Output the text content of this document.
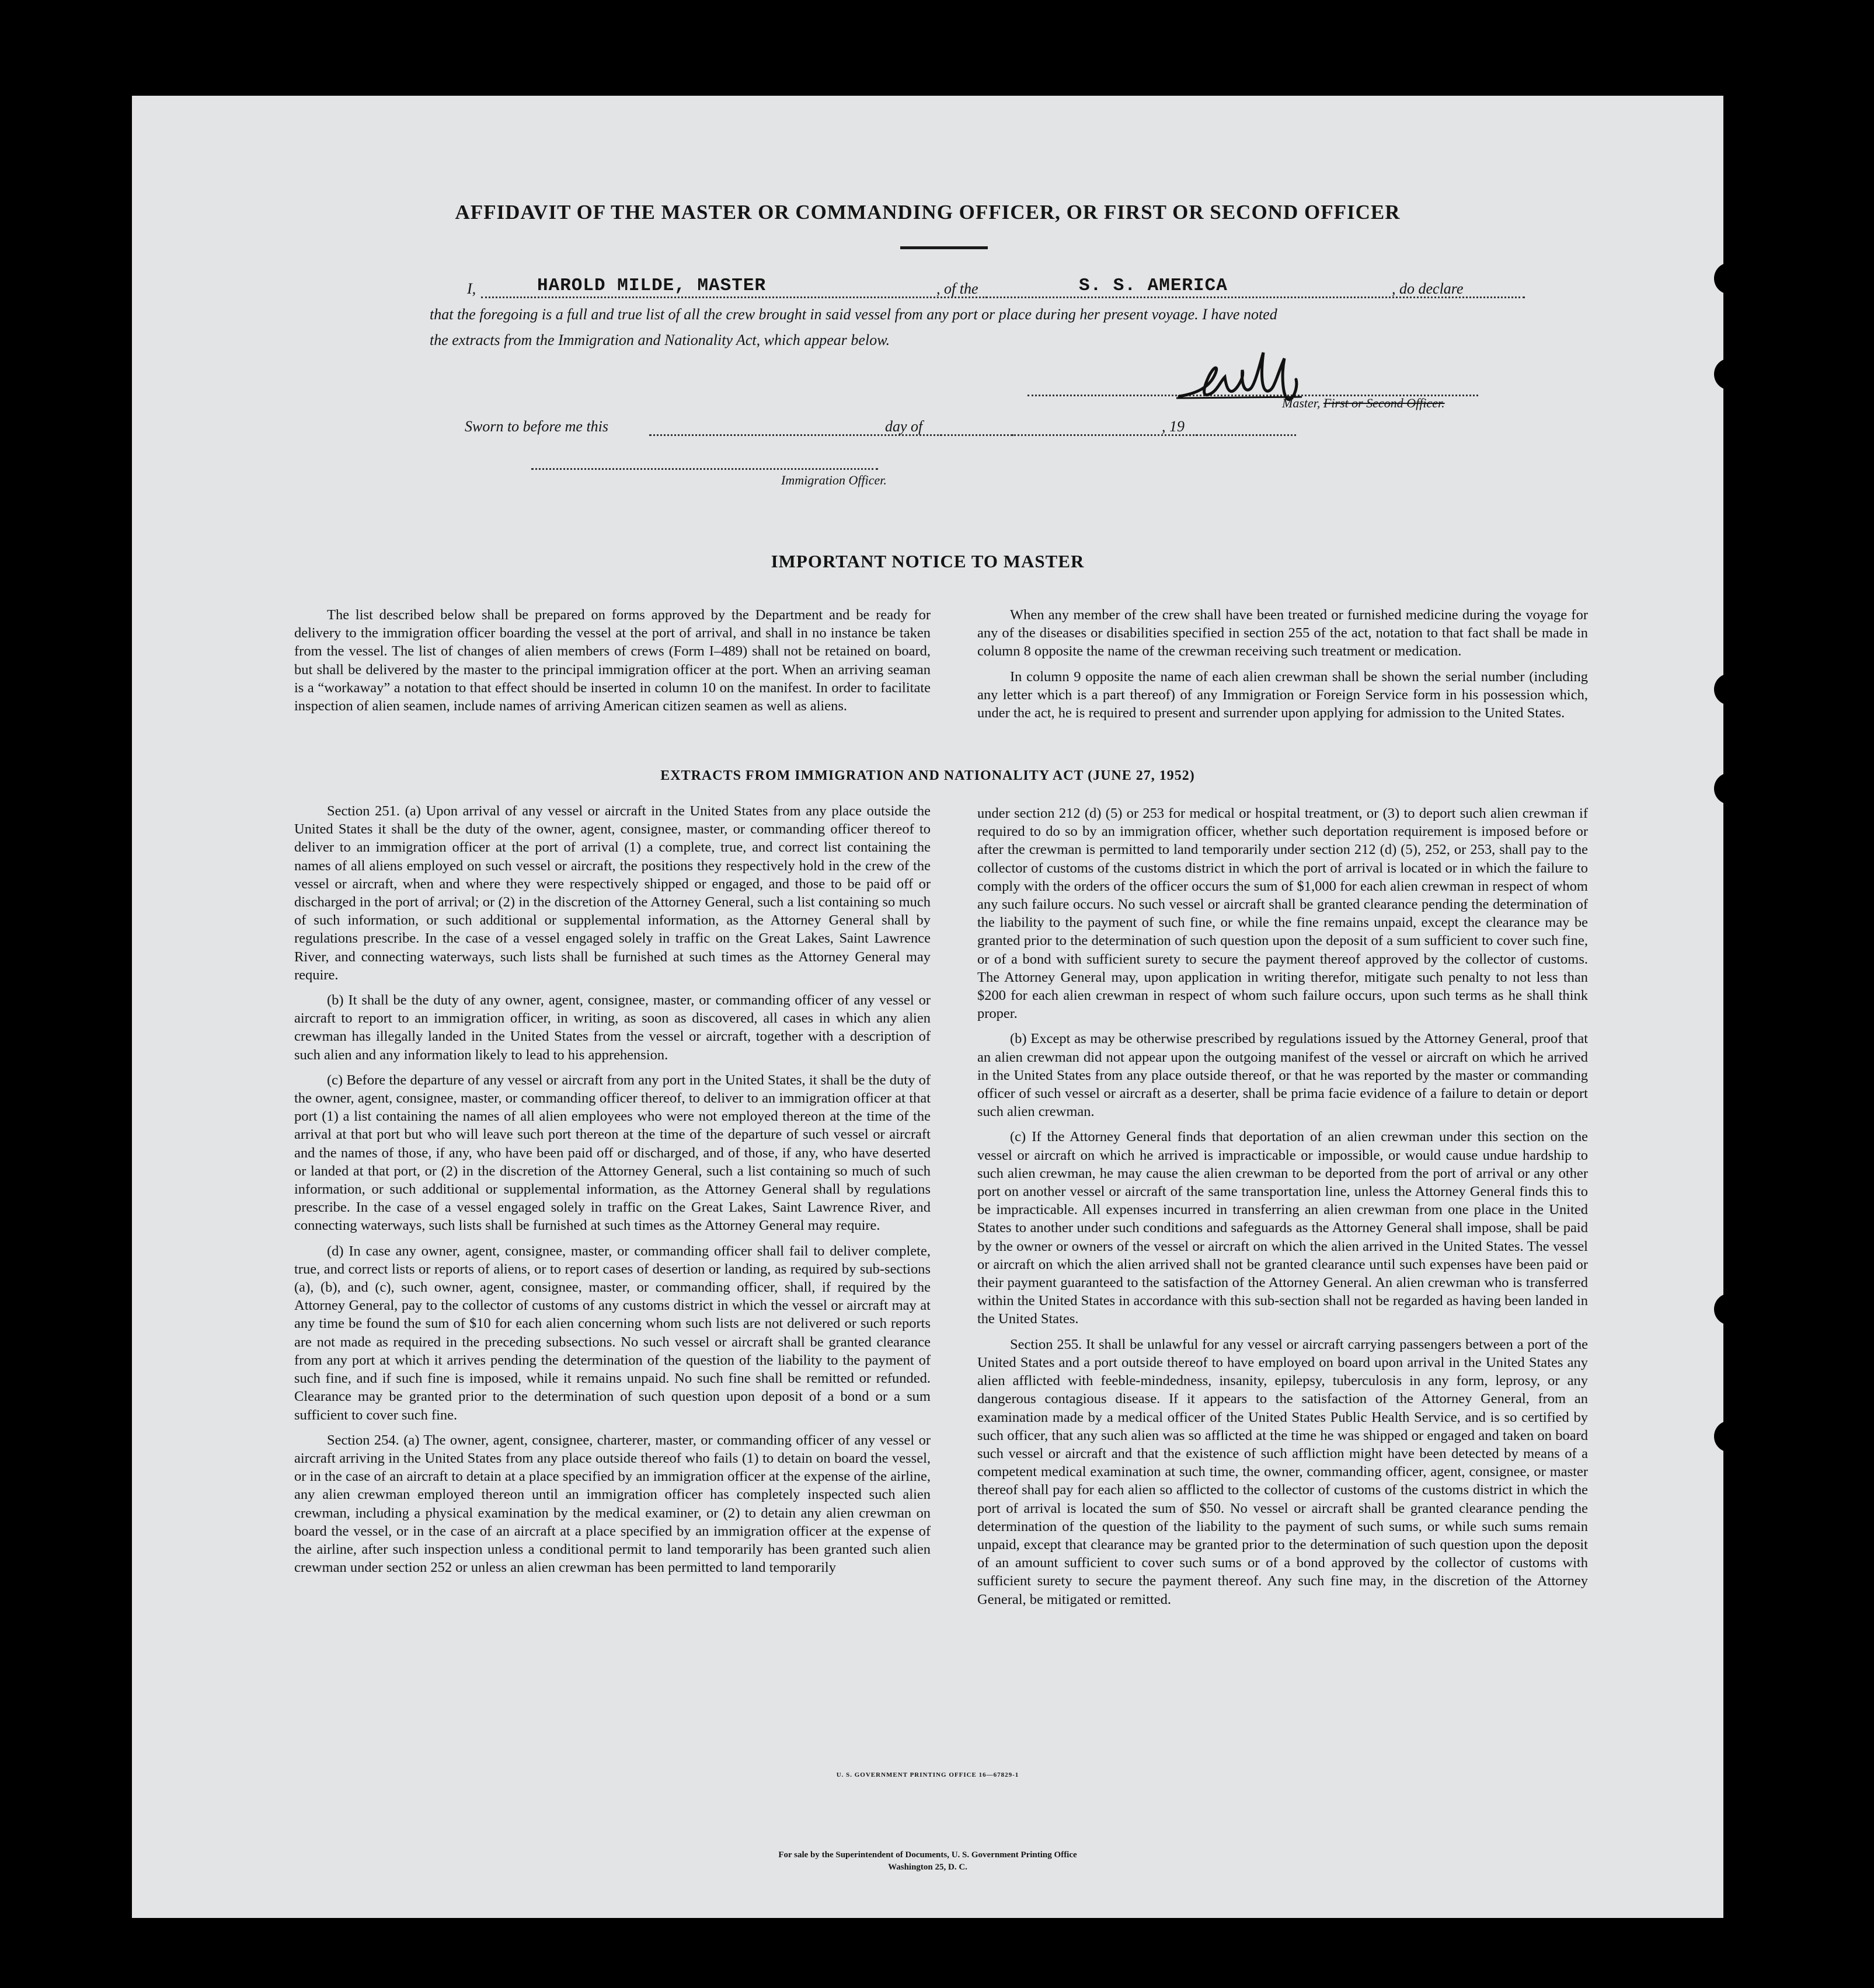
AFFIDAVIT OF THE MASTER OR COMMANDING OFFICER, OR FIRST OR SECOND OFFICER
I,	HAROLD MILDE, MASTER	, of the	S. S. AMERICA	, do declare
that the foregoing is a full and true list of all the crew brought in said vessel from any port or place during her present voyage. I have noted
the extracts from the Immigration and Nationality Act, which appear below.
Master, First or Second Officer.
Sworn to before me this	day of	, 19
Immigration Officer.
IMPORTANT NOTICE TO MASTER

The list described below shall be prepared on forms approved by the Department and be ready for delivery to the immigration officer boarding the vessel at the port of arrival, and shall in no instance be taken from the vessel. The list of changes of alien members of crews (Form I–489) shall not be retained on board, but shall be delivered by the master to the principal immigration officer at the port. When an arriving seaman is a “workaway” a notation to that effect should be inserted in column 10 on the manifest. In order to facilitate inspection of alien seamen, include names of arriving American citizen seamen as well as aliens.

When any member of the crew shall have been treated or furnished medicine during the voyage for any of the diseases or disabilities specified in section 255 of the act, notation to that fact shall be made in column 8 opposite the name of the crewman receiving such treatment or medication.

In column 9 opposite the name of each alien crewman shall be shown the serial number (including any letter which is a part thereof) of any Immigration or Foreign Service form in his possession which, under the act, he is required to present and surrender upon applying for admission to the United States.

EXTRACTS FROM IMMIGRATION AND NATIONALITY ACT (JUNE 27, 1952)

Section 251. (a) Upon arrival of any vessel or aircraft in the United States from any place outside the United States it shall be the duty of the owner, agent, consignee, master, or commanding officer thereof to deliver to an immigration officer at the port of arrival (1) a complete, true, and correct list containing the names of all aliens employed on such vessel or aircraft, the positions they respectively hold in the crew of the vessel or aircraft, when and where they were respectively shipped or engaged, and those to be paid off or discharged in the port of arrival; or (2) in the discretion of the Attorney General, such a list containing so much of such information, or such additional or supplemental information, as the Attorney General shall by regulations prescribe. In the case of a vessel engaged solely in traffic on the Great Lakes, Saint Lawrence River, and connecting waterways, such lists shall be furnished at such times as the Attorney General may require.

(b) It shall be the duty of any owner, agent, consignee, master, or commanding officer of any vessel or aircraft to report to an immigration officer, in writing, as soon as discovered, all cases in which any alien crewman has illegally landed in the United States from the vessel or aircraft, together with a description of such alien and any information likely to lead to his apprehension.

(c) Before the departure of any vessel or aircraft from any port in the United States, it shall be the duty of the owner, agent, consignee, master, or commanding officer thereof, to deliver to an immigration officer at that port (1) a list containing the names of all alien employees who were not employed thereon at the time of the arrival at that port but who will leave such port thereon at the time of the departure of such vessel or aircraft and the names of those, if any, who have been paid off or discharged, and of those, if any, who have deserted or landed at that port, or (2) in the discretion of the Attorney General, such a list containing so much of such information, or such additional or supplemental information, as the Attorney General shall by regulations prescribe. In the case of a vessel engaged solely in traffic on the Great Lakes, Saint Lawrence River, and connecting waterways, such lists shall be furnished at such times as the Attorney General may require.

(d) In case any owner, agent, consignee, master, or commanding officer shall fail to deliver complete, true, and correct lists or reports of aliens, or to report cases of desertion or landing, as required by sub-sections (a), (b), and (c), such owner, agent, consignee, master, or commanding officer, shall, if required by the Attorney General, pay to the collector of customs of any customs district in which the vessel or aircraft may at any time be found the sum of $10 for each alien concerning whom such lists are not delivered or such reports are not made as required in the preceding subsections. No such vessel or aircraft shall be granted clearance from any port at which it arrives pending the determination of the question of the liability to the payment of such fine, and if such fine is imposed, while it remains unpaid. No such fine shall be remitted or refunded. Clearance may be granted prior to the determination of such question upon deposit of a bond or a sum sufficient to cover such fine.

Section 254. (a) The owner, agent, consignee, charterer, master, or commanding officer of any vessel or aircraft arriving in the United States from any place outside thereof who fails (1) to detain on board the vessel, or in the case of an aircraft to detain at a place specified by an immigration officer at the expense of the airline, any alien crewman employed thereon until an immigration officer has completely inspected such alien crewman, including a physical examination by the medical examiner, or (2) to detain any alien crewman on board the vessel, or in the case of an aircraft at a place specified by an immigration officer at the expense of the airline, after such inspection unless a conditional permit to land temporarily has been granted such alien crewman under section 252 or unless an alien crewman has been permitted to land temporarily

under section 212 (d) (5) or 253 for medical or hospital treatment, or (3) to deport such alien crewman if required to do so by an immigration officer, whether such deportation requirement is imposed before or after the crewman is permitted to land temporarily under section 212 (d) (5), 252, or 253, shall pay to the collector of customs of the customs district in which the port of arrival is located or in which the failure to comply with the orders of the officer occurs the sum of $1,000 for each alien crewman in respect of whom any such failure occurs. No such vessel or aircraft shall be granted clearance pending the determination of the liability to the payment of such fine, or while the fine remains unpaid, except the clearance may be granted prior to the determination of such question upon the deposit of a sum sufficient to cover such fine, or of a bond with sufficient surety to secure the payment thereof approved by the collector of customs. The Attorney General may, upon application in writing therefor, mitigate such penalty to not less than $200 for each alien crewman in respect of whom such failure occurs, upon such terms as he shall think proper.

(b) Except as may be otherwise prescribed by regulations issued by the Attorney General, proof that an alien crewman did not appear upon the outgoing manifest of the vessel or aircraft on which he arrived in the United States from any place outside thereof, or that he was reported by the master or commanding officer of such vessel or aircraft as a deserter, shall be prima facie evidence of a failure to detain or deport such alien crewman.

(c) If the Attorney General finds that deportation of an alien crewman under this section on the vessel or aircraft on which he arrived is impracticable or impossible, or would cause undue hardship to such alien crewman, he may cause the alien crewman to be deported from the port of arrival or any other port on another vessel or aircraft of the same transportation line, unless the Attorney General finds this to be impracticable. All expenses incurred in transferring an alien crewman from one place in the United States to another under such conditions and safeguards as the Attorney General shall impose, shall be paid by the owner or owners of the vessel or aircraft on which the alien arrived in the United States. The vessel or aircraft on which the alien arrived shall not be granted clearance until such expenses have been paid or their payment guaranteed to the satisfaction of the Attorney General. An alien crewman who is transferred within the United States in accordance with this sub-section shall not be regarded as having been landed in the United States.

Section 255. It shall be unlawful for any vessel or aircraft carrying passengers between a port of the United States and a port outside thereof to have employed on board upon arrival in the United States any alien afflicted with feeble-mindedness, insanity, epilepsy, tuberculosis in any form, leprosy, or any dangerous contagious disease. If it appears to the satisfaction of the Attorney General, from an examination made by a medical officer of the United States Public Health Service, and is so certified by such officer, that any such alien was so afflicted at the time he was shipped or engaged and taken on board such vessel or aircraft and that the existence of such affliction might have been detected by means of a competent medical examination at such time, the owner, commanding officer, agent, consignee, or master thereof shall pay for each alien so afflicted to the collector of customs of the customs district in which the port of arrival is located the sum of $50. No vessel or aircraft shall be granted clearance pending the determination of the question of the liability to the payment of such sums, or while such sums remain unpaid, except that clearance may be granted prior to the determination of such question upon the deposit of an amount sufficient to cover such sums or of a bond approved by the collector of customs with sufficient surety to secure the payment thereof. Any such fine may, in the discretion of the Attorney General, be mitigated or remitted.

U. S. GOVERNMENT PRINTING OFFICE 16—67829-1
For sale by the Superintendent of Documents, U. S. Government Printing Office
Washington 25, D. C.
